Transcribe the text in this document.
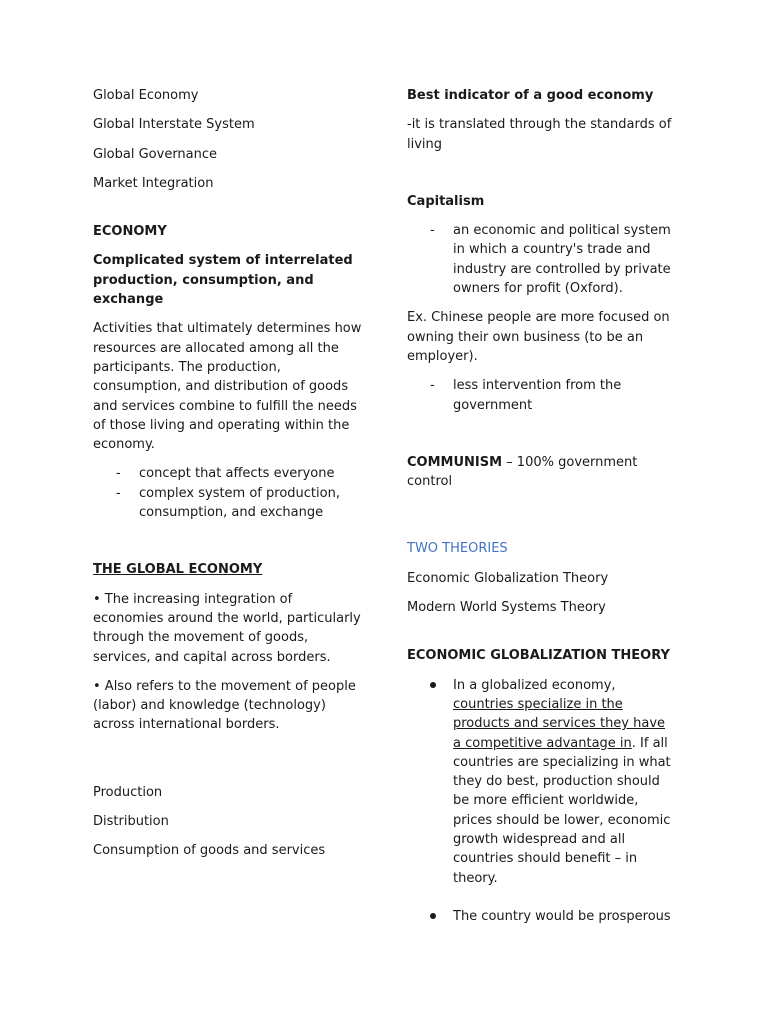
Global Economy

Global Interstate System

Global Governance

Market Integration

ECONOMY

Complicated system of interrelated production, consumption, and exchange

Activities that ultimately determines how resources are allocated among all the participants. The production, consumption, and distribution of goods and services combine to fulfill the needs of those living and operating within the economy.

- concept that affects everyone
- complex system of production, consumption, and exchange

THE GLOBAL ECONOMY

• The increasing integration of economies around the world, particularly through the movement of goods, services, and capital across borders.

• Also refers to the movement of people (labor) and knowledge (technology) across international borders.

Production

Distribution

Consumption of goods and services

Best indicator of a good economy

-it is translated through the standards of living

Capitalism

- an economic and political system in which a country's trade and industry are controlled by private owners for profit (Oxford).

Ex. Chinese people are more focused on owning their own business (to be an employer).

- less intervention from the government

COMMUNISM – 100% government control

TWO THEORIES

Economic Globalization Theory

Modern World Systems Theory

ECONOMIC GLOBALIZATION THEORY

In a globalized economy, countries specialize in the products and services they have a competitive advantage in. If all countries are specializing in what they do best, production should be more efficient worldwide, prices should be lower, economic growth widespread and all countries should benefit – in theory.
The country would be prosperous
